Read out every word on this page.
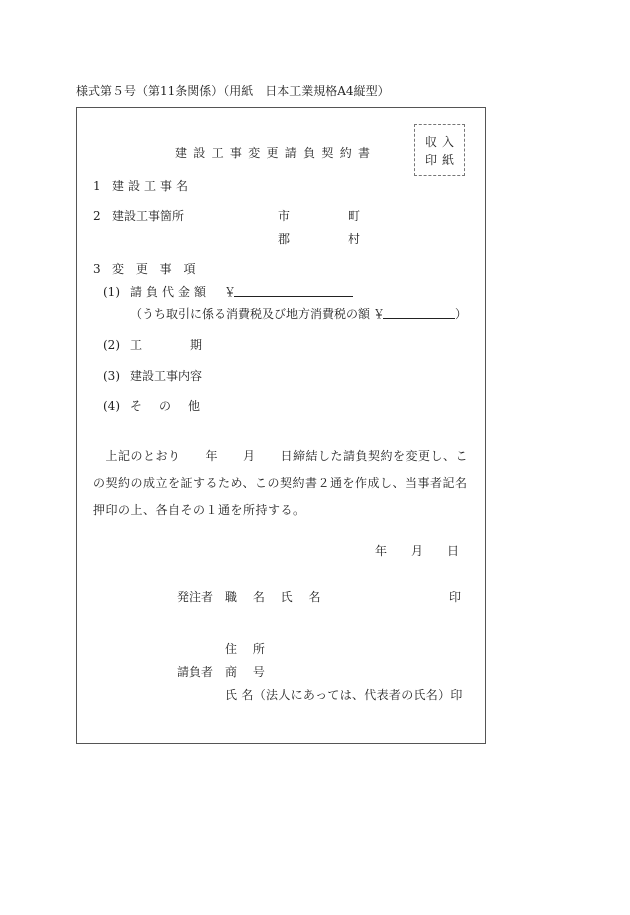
様式第５号（第11条関係）（用紙　日本工業規格A4縦型）
収入
印紙
建設工事変更請負契約書
1 建設工事名
2 建設工事箇所	市	町
郡	村
3 変 更 事 項
(1) 請負代金額 ￥
（うち取引に係る消費税及び地方消費税の額 ￥	）
(2) 工	期
(3) 建設工事内容
(4) そ の 他
　上記のとおり　　年　　月　　日締結した請負契約を変更し、この契約の成立を証するため、この契約書２通を作成し、当事者記名押印の上、各自その１通を所持する。
年 月 日
発注者 職 名 氏 名	印
住 所
請負者 商 号
氏 名（法人にあっては、代表者の氏名）印
